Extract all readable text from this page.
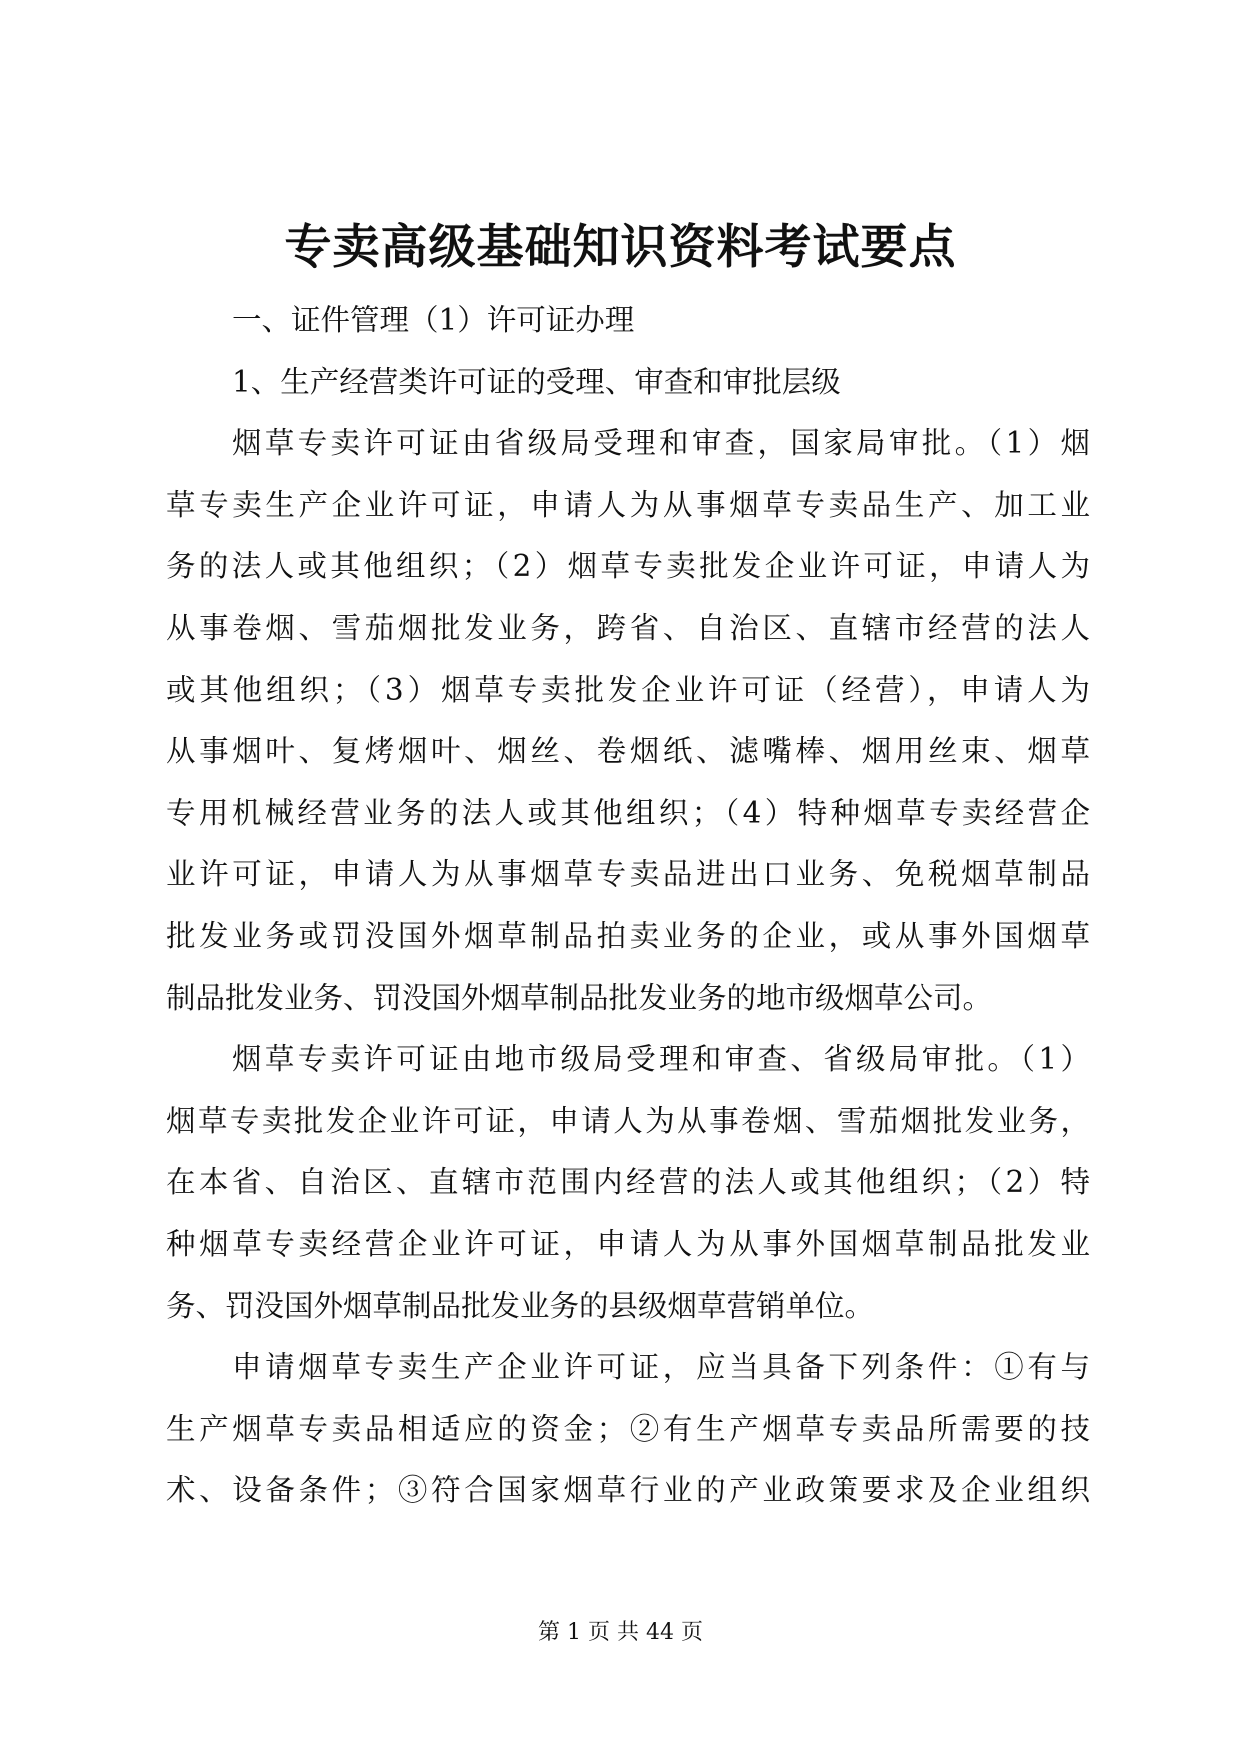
专卖高级基础知识资料考试要点
一、证件管理（1）许可证办理
1、生产经营类许可证的受理、审查和审批层级
烟草专卖许可证由省级局受理和审查，国家局审批。（1）烟
草专卖生产企业许可证，申请人为从事烟草专卖品生产、加工业
务的法人或其他组织；（2）烟草专卖批发企业许可证，申请人为
从事卷烟、雪茄烟批发业务，跨省、自治区、直辖市经营的法人
或其他组织；（3）烟草专卖批发企业许可证（经营），申请人为
从事烟叶、复烤烟叶、烟丝、卷烟纸、滤嘴棒、烟用丝束、烟草
专用机械经营业务的法人或其他组织；（4）特种烟草专卖经营企
业许可证，申请人为从事烟草专卖品进出口业务、免税烟草制品
批发业务或罚没国外烟草制品拍卖业务的企业，或从事外国烟草
制品批发业务、罚没国外烟草制品批发业务的地市级烟草公司。
烟草专卖许可证由地市级局受理和审查、省级局审批。（1）
烟草专卖批发企业许可证，申请人为从事卷烟、雪茄烟批发业务，
在本省、自治区、直辖市范围内经营的法人或其他组织；（2）特
种烟草专卖经营企业许可证，申请人为从事外国烟草制品批发业
务、罚没国外烟草制品批发业务的县级烟草营销单位。
申请烟草专卖生产企业许可证，应当具备下列条件：①有与
生产烟草专卖品相适应的资金；②有生产烟草专卖品所需要的技
术、设备条件；③符合国家烟草行业的产业政策要求及企业组织
第 1 页 共 44 页
